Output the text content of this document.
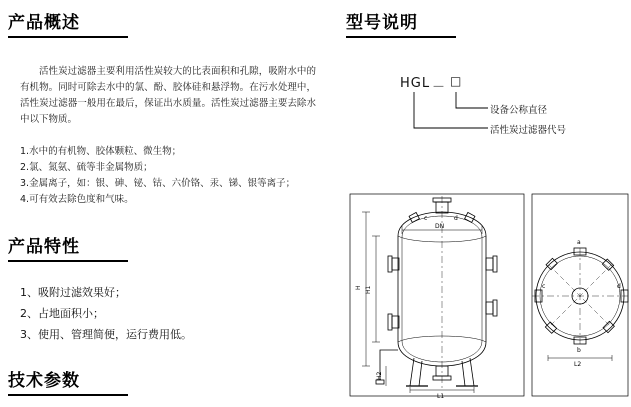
产品概述

活性炭过滤器主要利用活性炭较大的比表面积和孔隙，吸附水中的有机物。同时可除去水中的氯、酚、胶体硅和悬浮物。在污水处理中，活性炭过滤器一般用在最后，保证出水质量。活性炭过滤器主要去除水中以下物质。

1.水中的有机物、胶体颗粒、微生物；
2.氯、氮氨、硫等非金属物质；
3.金属离子，如：银、砷、铋、钴、六价铬、汞、锑、银等离子；
4.可有效去除色度和气味。
产品特性
1、吸附过滤效果好；
2、占地面积小；
3、使用、管理简便，运行费用低。
技术参数
型号说明
HGL － □
设备公称直径
活性炭过滤器代号
DN
H H1
H2
L1
L2
c	d
a
b
c	d
